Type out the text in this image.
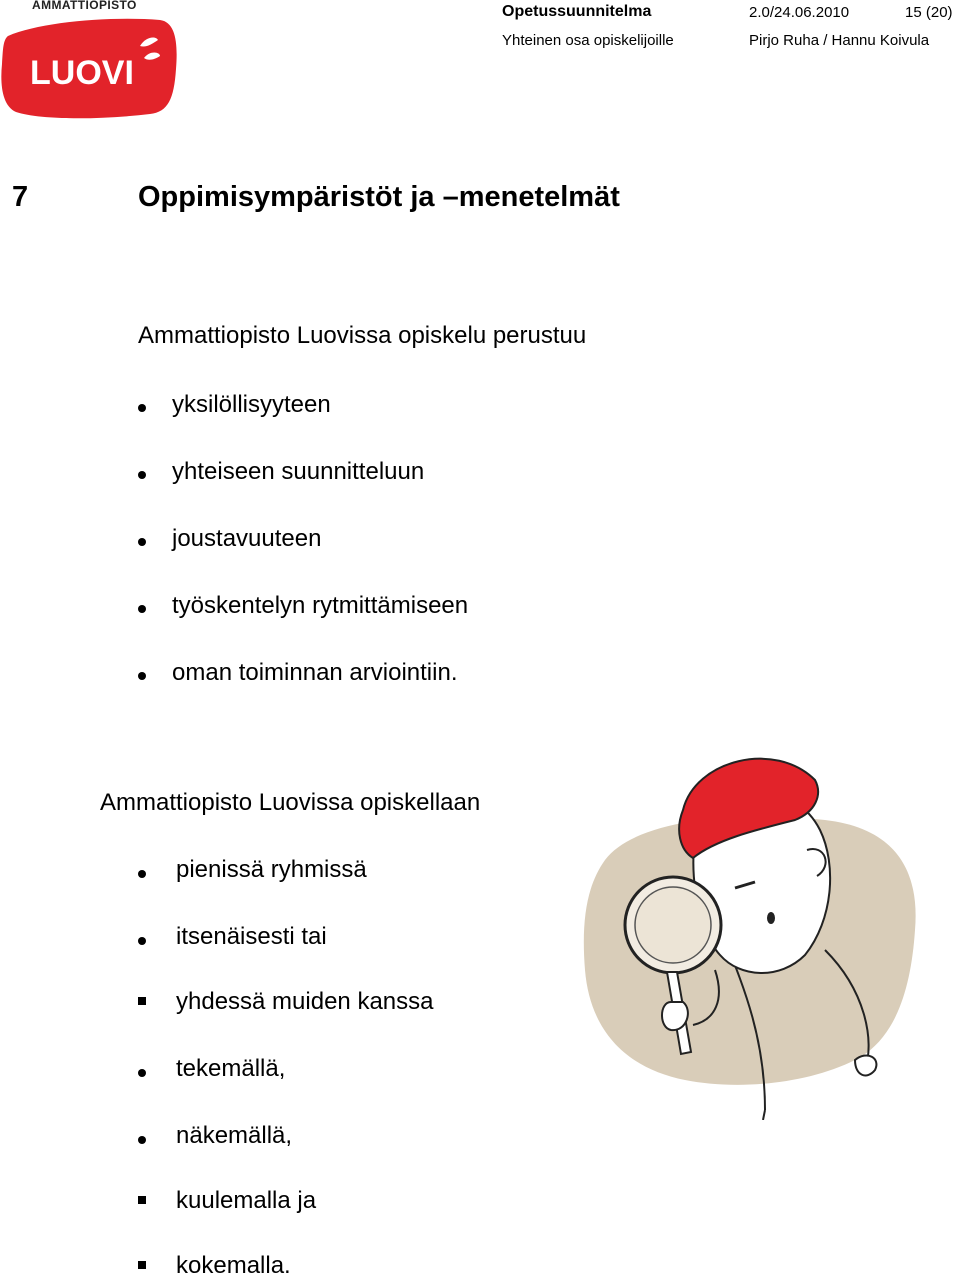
AMMATTIOPISTO
LUOVI
Opetussuunnitelma	2.0/24.06.2010	15 (20)
Yhteinen osa opiskelijoille	Pirjo Ruha / Hannu Koivula
7	Oppimisympäristöt ja –menetelmät
Ammattiopisto Luovissa opiskelu perustuu
yksilöllisyyteen
yhteiseen suunnitteluun
joustavuuteen
työskentelyn rytmittämiseen
oman toiminnan arviointiin.
Ammattiopisto Luovissa opiskellaan
pienissä ryhmissä
itsenäisesti tai
yhdessä muiden kanssa
tekemällä,
näkemällä,
kuulemalla ja
kokemalla.
